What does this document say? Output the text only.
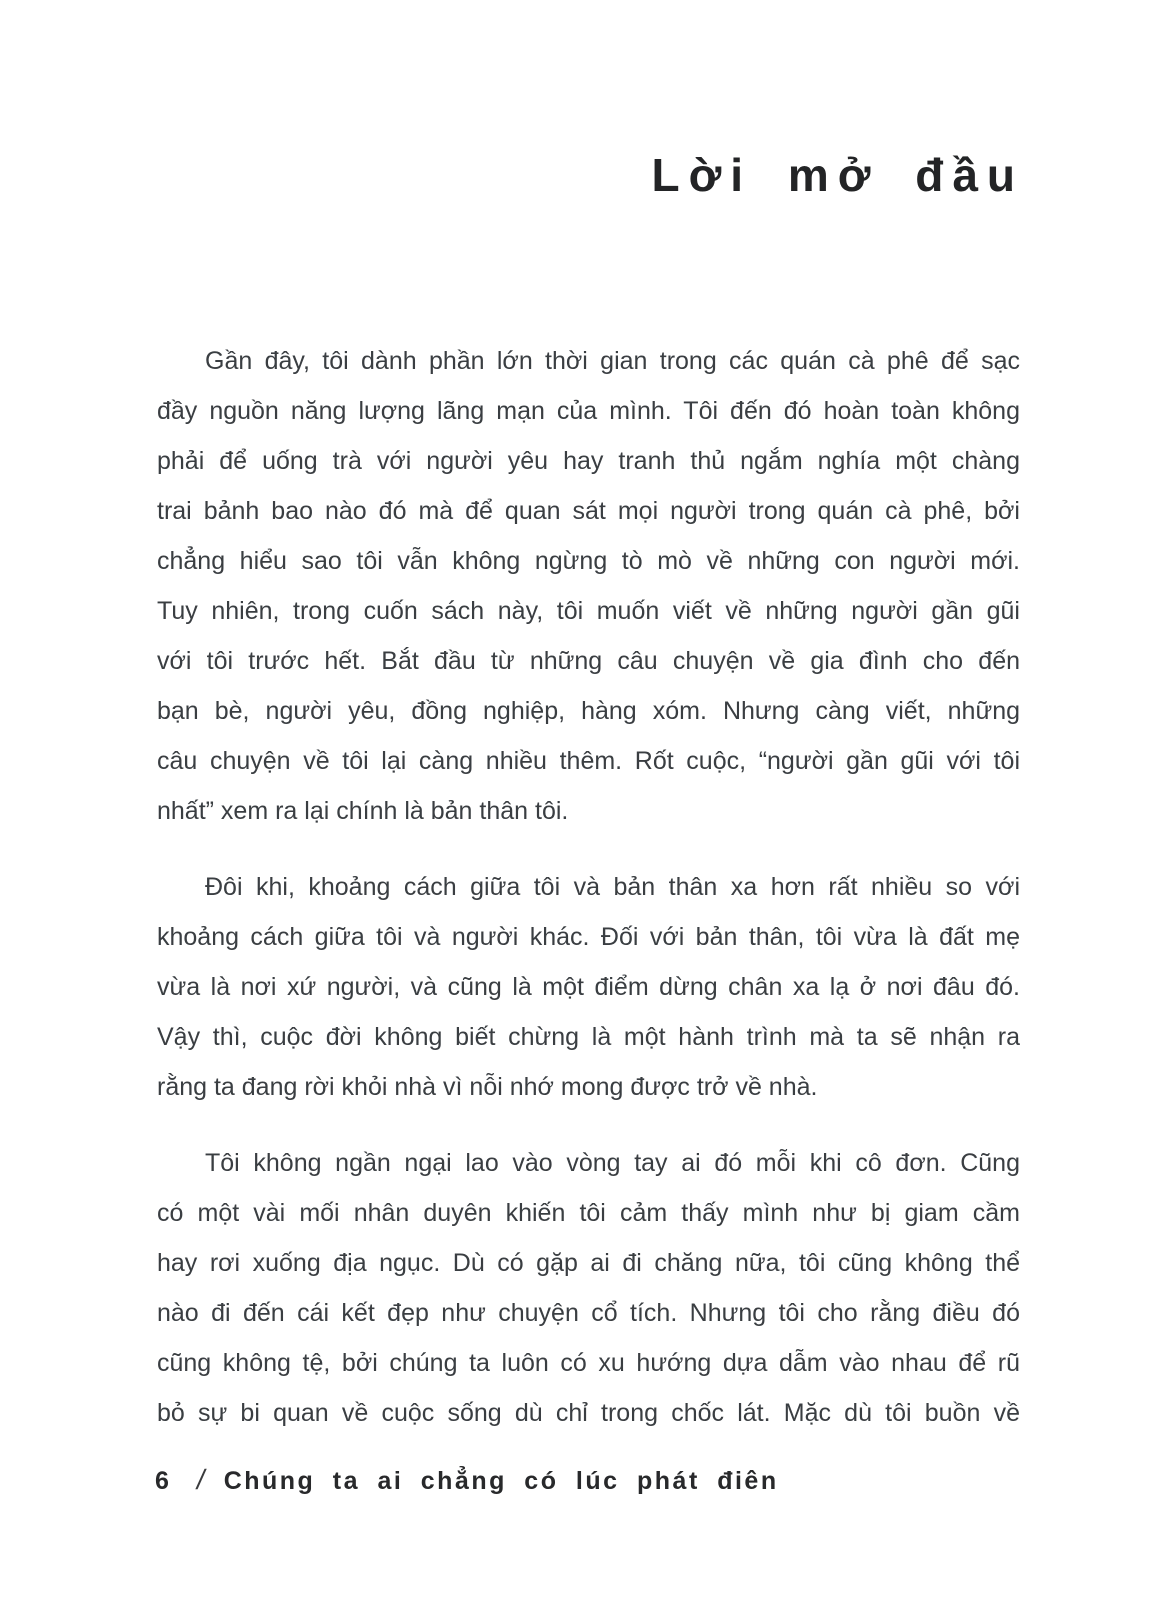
Lời mở đầu
Gần đây, tôi dành phần lớn thời gian trong các quán cà phê để sạc
đầy nguồn năng lượng lãng mạn của mình. Tôi đến đó hoàn toàn không
phải để uống trà với người yêu hay tranh thủ ngắm nghía một chàng
trai bảnh bao nào đó mà để quan sát mọi người trong quán cà phê, bởi
chẳng hiểu sao tôi vẫn không ngừng tò mò về những con người mới.
Tuy nhiên, trong cuốn sách này, tôi muốn viết về những người gần gũi
với tôi trước hết. Bắt đầu từ những câu chuyện về gia đình cho đến
bạn bè, người yêu, đồng nghiệp, hàng xóm. Nhưng càng viết, những
câu chuyện về tôi lại càng nhiều thêm. Rốt cuộc, “người gần gũi với tôi
nhất” xem ra lại chính là bản thân tôi.
Đôi khi, khoảng cách giữa tôi và bản thân xa hơn rất nhiều so với
khoảng cách giữa tôi và người khác. Đối với bản thân, tôi vừa là đất mẹ
vừa là nơi xứ người, và cũng là một điểm dừng chân xa lạ ở nơi đâu đó.
Vậy thì, cuộc đời không biết chừng là một hành trình mà ta sẽ nhận ra
rằng ta đang rời khỏi nhà vì nỗi nhớ mong được trở về nhà.
Tôi không ngần ngại lao vào vòng tay ai đó mỗi khi cô đơn. Cũng
có một vài mối nhân duyên khiến tôi cảm thấy mình như bị giam cầm
hay rơi xuống địa ngục. Dù có gặp ai đi chăng nữa, tôi cũng không thể
nào đi đến cái kết đẹp như chuyện cổ tích. Nhưng tôi cho rằng điều đó
cũng không tệ, bởi chúng ta luôn có xu hướng dựa dẫm vào nhau để rũ
bỏ sự bi quan về cuộc sống dù chỉ trong chốc lát. Mặc dù tôi buồn về
6 / Chúng ta ai chẳng có lúc phát điên
